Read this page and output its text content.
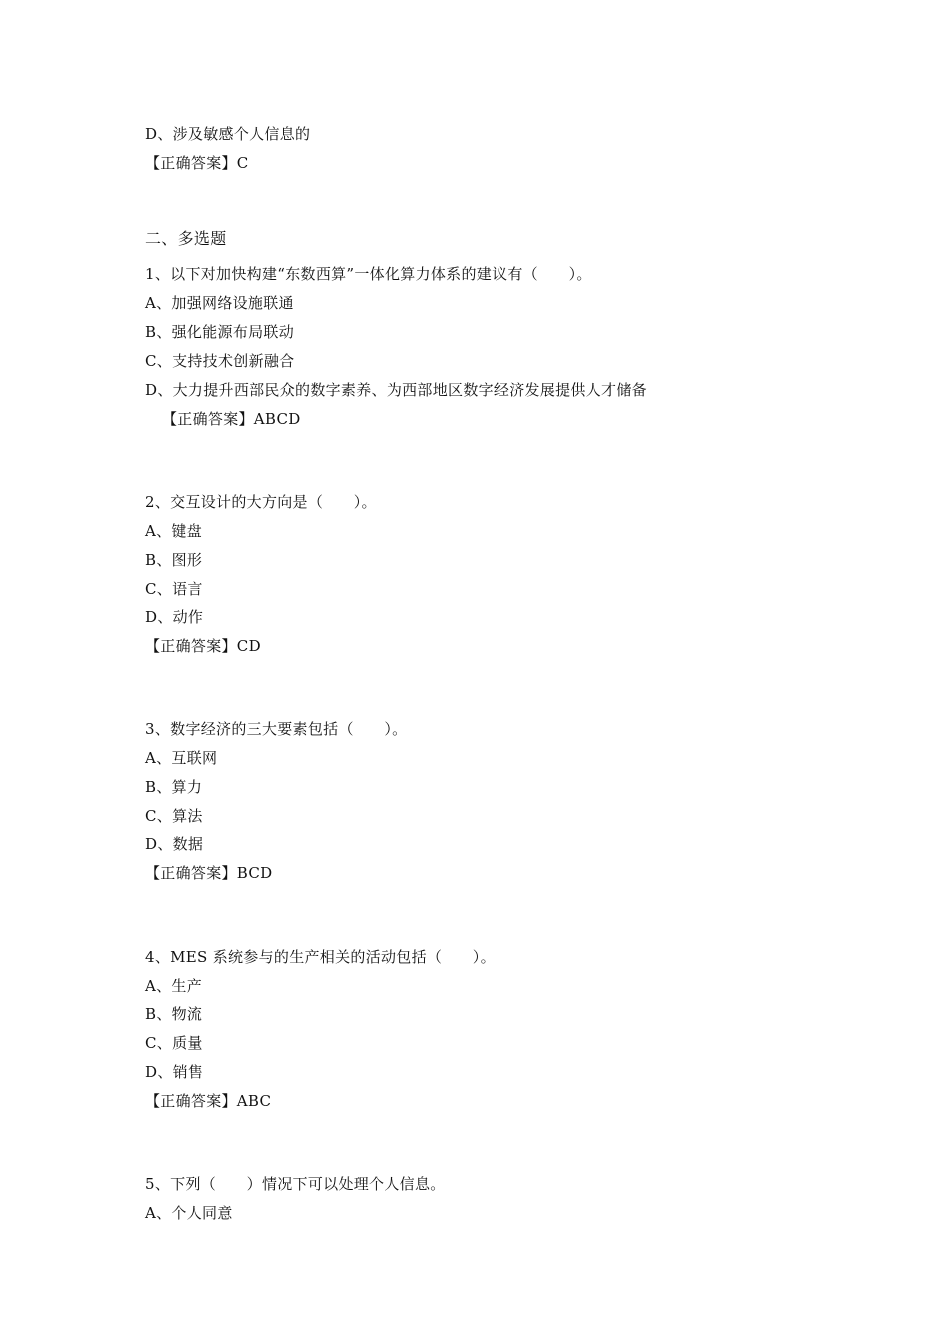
D、涉及敏感个人信息的
【正确答案】C
二、多选题
1、以下对加快构建“东数西算”一体化算力体系的建议有（　　）。
A、加强网络设施联通
B、强化能源布局联动
C、支持技术创新融合
D、大力提升西部民众的数字素养、为西部地区数字经济发展提供人才储备
【正确答案】ABCD
2、交互设计的大方向是（　　）。
A、键盘
B、图形
C、语言
D、动作
【正确答案】CD
3、数字经济的三大要素包括（　　）。
A、互联网
B、算力
C、算法
D、数据
【正确答案】BCD
4、MES 系统参与的生产相关的活动包括（　　）。
A、生产
B、物流
C、质量
D、销售
【正确答案】ABC
5、下列（　　）情况下可以处理个人信息。
A、个人同意
